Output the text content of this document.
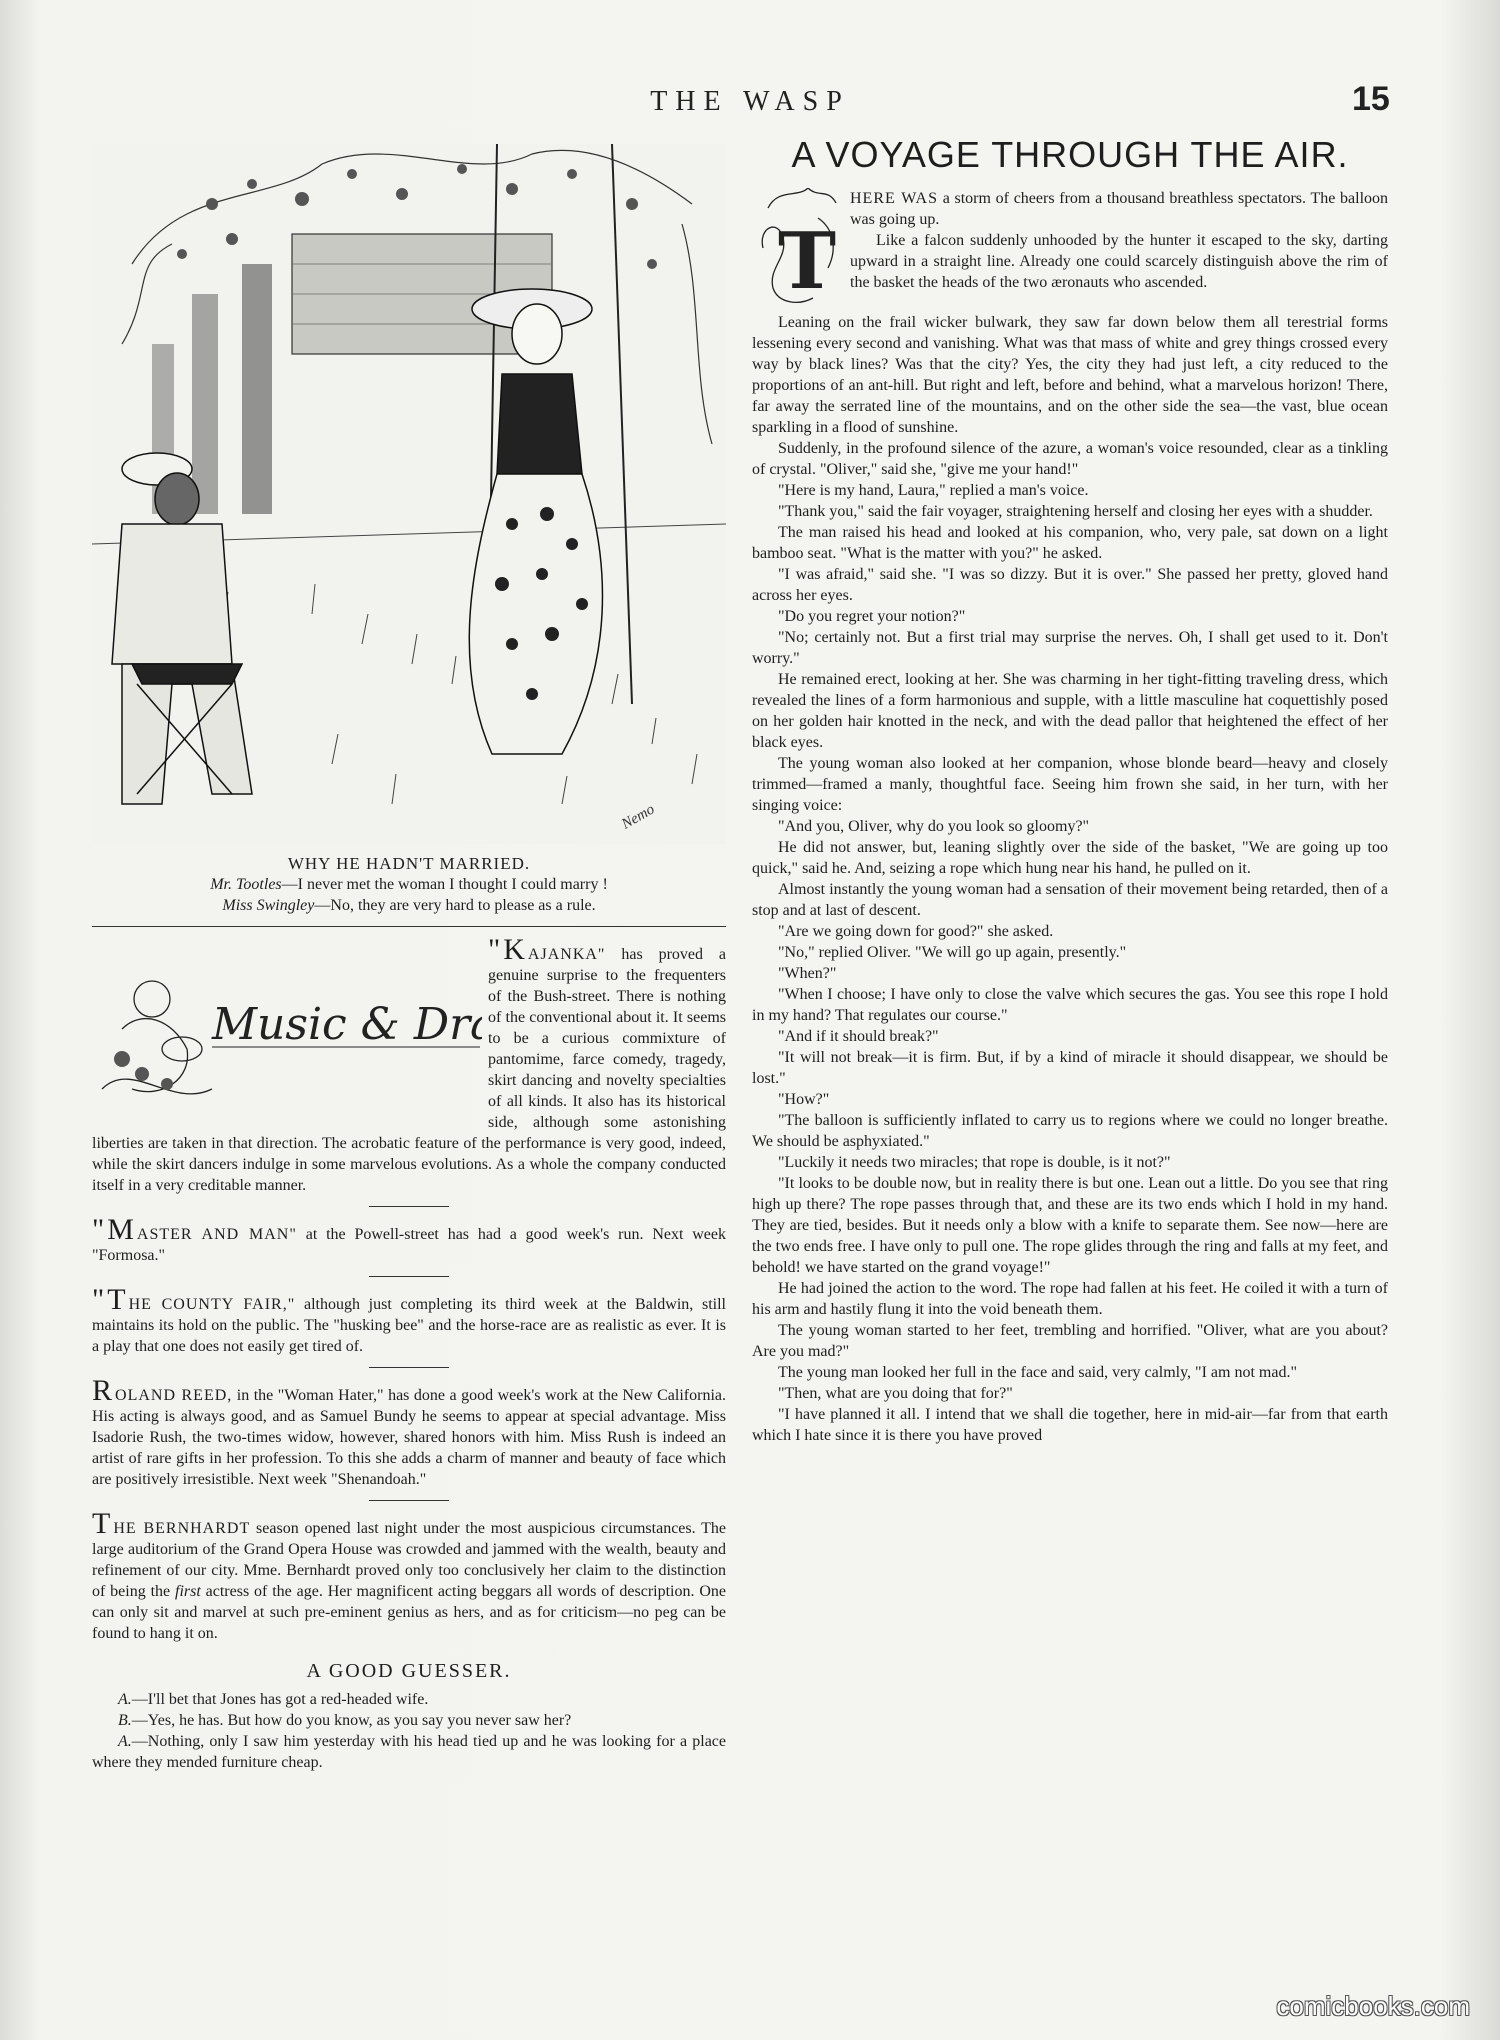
THE WASP	15
Nemo
WHY HE HADN'T MARRIED.
Mr. Tootles—I never met the woman I thought I could marry !
Miss Swingley—No, they are very hard to please as a rule.
Music & Dr

"KAJANKA" has proved a genuine surprise to the frequenters of the Bush-street. There is nothing of the conventional about it. It seems to be a curious commixture of pantomime, farce comedy, tragedy, skirt dancing and novelty specialties of all kinds. It also has its historical side, although some astonishing liberties are taken in that direction. The acrobatic feature of the performance is very good, indeed, while the skirt dancers indulge in some marvelous evolutions. As a whole the company conducted itself in a very creditable manner.

"MASTER AND MAN" at the Powell-street has had a good week's run. Next week "Formosa."

"THE COUNTY FAIR," although just completing its third week at the Baldwin, still maintains its hold on the public. The "husking bee" and the horse-race are as realistic as ever. It is a play that one does not easily get tired of.

ROLAND REED, in the "Woman Hater," has done a good week's work at the New California. His acting is always good, and as Samuel Bundy he seems to appear at special advantage. Miss Isadorie Rush, the two-times widow, however, shared honors with him. Miss Rush is indeed an artist of rare gifts in her profession. To this she adds a charm of manner and beauty of face which are positively irresistible. Next week "Shenandoah."

THE BERNHARDT season opened last night under the most auspicious circumstances. The large auditorium of the Grand Opera House was crowded and jammed with the wealth, beauty and refinement of our city. Mme. Bernhardt proved only too conclusively her claim to the distinction of being the first actress of the age. Her magnificent acting beggars all words of description. One can only sit and marvel at such pre-eminent genius as hers, and as for criticism—no peg can be found to hang it on.

A GOOD GUESSER.

A.—I'll bet that Jones has got a red-headed wife.

B.—Yes, he has. But how do you know, as you say you never saw her?

A.—Nothing, only I saw him yesterday with his head tied up and he was looking for a place where they mended furniture cheap.

A VOYAGE THROUGH THE AIR.
T

HERE WAS a storm of cheers from a thousand breathless spectators. The balloon was going up.

Like a falcon suddenly unhooded by the hunter it escaped to the sky, darting upward in a straight line. Already one could scarcely distinguish above the rim of the basket the heads of the two æronauts who ascended.

Leaning on the frail wicker bulwark, they saw far down below them all terestrial forms lessening every second and vanishing. What was that mass of white and grey things crossed every way by black lines? Was that the city? Yes, the city they had just left, a city reduced to the proportions of an ant-hill. But right and left, before and behind, what a marvelous horizon! There, far away the serrated line of the mountains, and on the other side the sea—the vast, blue ocean sparkling in a flood of sunshine.

Suddenly, in the profound silence of the azure, a woman's voice resounded, clear as a tinkling of crystal. "Oliver," said she, "give me your hand!"

"Here is my hand, Laura," replied a man's voice.

"Thank you," said the fair voyager, straightening herself and closing her eyes with a shudder.

The man raised his head and looked at his companion, who, very pale, sat down on a light bamboo seat. "What is the matter with you?" he asked.

"I was afraid," said she. "I was so dizzy. But it is over." She passed her pretty, gloved hand across her eyes.

"Do you regret your notion?"

"No; certainly not. But a first trial may surprise the nerves. Oh, I shall get used to it. Don't worry."

He remained erect, looking at her. She was charming in her tight-fitting traveling dress, which revealed the lines of a form harmonious and supple, with a little masculine hat coquettishly posed on her golden hair knotted in the neck, and with the dead pallor that heightened the effect of her black eyes.

The young woman also looked at her companion, whose blonde beard—heavy and closely trimmed—framed a manly, thoughtful face. Seeing him frown she said, in her turn, with her singing voice:

"And you, Oliver, why do you look so gloomy?"

He did not answer, but, leaning slightly over the side of the basket, "We are going up too quick," said he. And, seizing a rope which hung near his hand, he pulled on it.

Almost instantly the young woman had a sensation of their movement being retarded, then of a stop and at last of descent.

"Are we going down for good?" she asked.

"No," replied Oliver. "We will go up again, presently."

"When?"

"When I choose; I have only to close the valve which secures the gas. You see this rope I hold in my hand? That regulates our course."

"And if it should break?"

"It will not break—it is firm. But, if by a kind of miracle it should disappear, we should be lost."

"How?"

"The balloon is sufficiently inflated to carry us to regions where we could no longer breathe. We should be asphyxiated."

"Luckily it needs two miracles; that rope is double, is it not?"

"It looks to be double now, but in reality there is but one. Lean out a little. Do you see that ring high up there? The rope passes through that, and these are its two ends which I hold in my hand. They are tied, besides. But it needs only a blow with a knife to separate them. See now—here are the two ends free. I have only to pull one. The rope glides through the ring and falls at my feet, and behold! we have started on the grand voyage!"

He had joined the action to the word. The rope had fallen at his feet. He coiled it with a turn of his arm and hastily flung it into the void beneath them.

The young woman started to her feet, trembling and horrified. "Oliver, what are you about? Are you mad?"

The young man looked her full in the face and said, very calmly, "I am not mad."

"Then, what are you doing that for?"

"I have planned it all. I intend that we shall die together, here in mid-air—far from that earth which I hate since it is there you have proved

comicbooks.com
